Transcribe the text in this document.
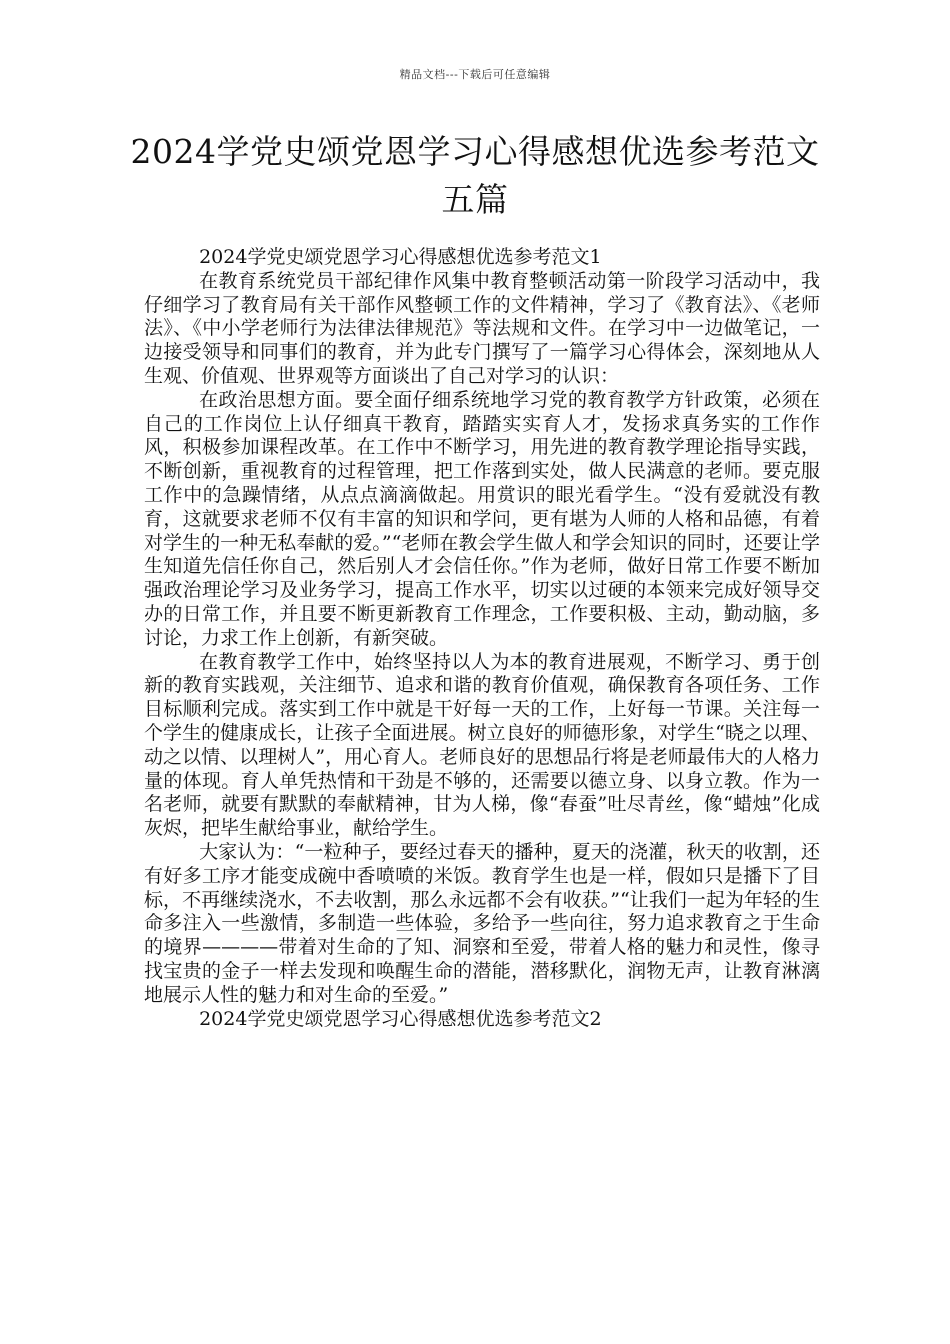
精品文档---下载后可任意编辑
2024学党史颂党恩学习心得感想优选参考范文五篇

2024学党史颂党恩学习心得感想优选参考范文1

在教育系统党员干部纪律作风集中教育整顿活动第一阶段学习活动中，我仔细学习了教育局有关干部作风整顿工作的文件精神，学习了《教育法》、《老师法》、《中小学老师行为法律法律规范》等法规和文件。在学习中一边做笔记，一边接受领导和同事们的教育，并为此专门撰写了一篇学习心得体会，深刻地从人生观、价值观、世界观等方面谈出了自己对学习的认识：

在政治思想方面。要全面仔细系统地学习党的教育教学方针政策，必须在自己的工作岗位上认仔细真干教育，踏踏实实育人才，发扬求真务实的工作作风，积极参加课程改革。在工作中不断学习，用先进的教育教学理论指导实践，不断创新，重视教育的过程管理，把工作落到实处，做人民满意的老师。要克服工作中的急躁情绪，从点点滴滴做起。用赏识的眼光看学生。“没有爱就没有教育，这就要求老师不仅有丰富的知识和学问，更有堪为人师的人格和品德，有着对学生的一种无私奉献的爱。”“老师在教会学生做人和学会知识的同时，还要让学生知道先信任你自己，然后别人才会信任你。”作为老师，做好日常工作要不断加强政治理论学习及业务学习，提高工作水平，切实以过硬的本领来完成好领导交办的日常工作，并且要不断更新教育工作理念，工作要积极、主动，勤动脑，多讨论，力求工作上创新，有新突破。

在教育教学工作中，始终坚持以人为本的教育进展观，不断学习、勇于创新的教育实践观，关注细节、追求和谐的教育价值观，确保教育各项任务、工作目标顺利完成。落实到工作中就是干好每一天的工作，上好每一节课。关注每一个学生的健康成长，让孩子全面进展。树立良好的师德形象，对学生“晓之以理、动之以情、以理树人”，用心育人。老师良好的思想品行将是老师最伟大的人格力量的体现。育人单凭热情和干劲是不够的，还需要以德立身、以身立教。作为一名老师，就要有默默的奉献精神，甘为人梯，像“春蚕”吐尽青丝，像“蜡烛”化成灰烬，把毕生献给事业，献给学生。

大家认为：“一粒种子，要经过春天的播种，夏天的浇灌，秋天的收割，还有好多工序才能变成碗中香喷喷的米饭。教育学生也是一样，假如只是播下了目标，不再继续浇水，不去收割，那么永远都不会有收获。”“让我们一起为年轻的生命多注入一些激情，多制造一些体验，多给予一些向往，努力追求教育之于生命的境界————带着对生命的了知、洞察和至爱，带着人格的魅力和灵性，像寻找宝贵的金子一样去发现和唤醒生命的潜能，潜移默化，润物无声，让教育淋漓地展示人性的魅力和对生命的至爱。”

2024学党史颂党恩学习心得感想优选参考范文2
